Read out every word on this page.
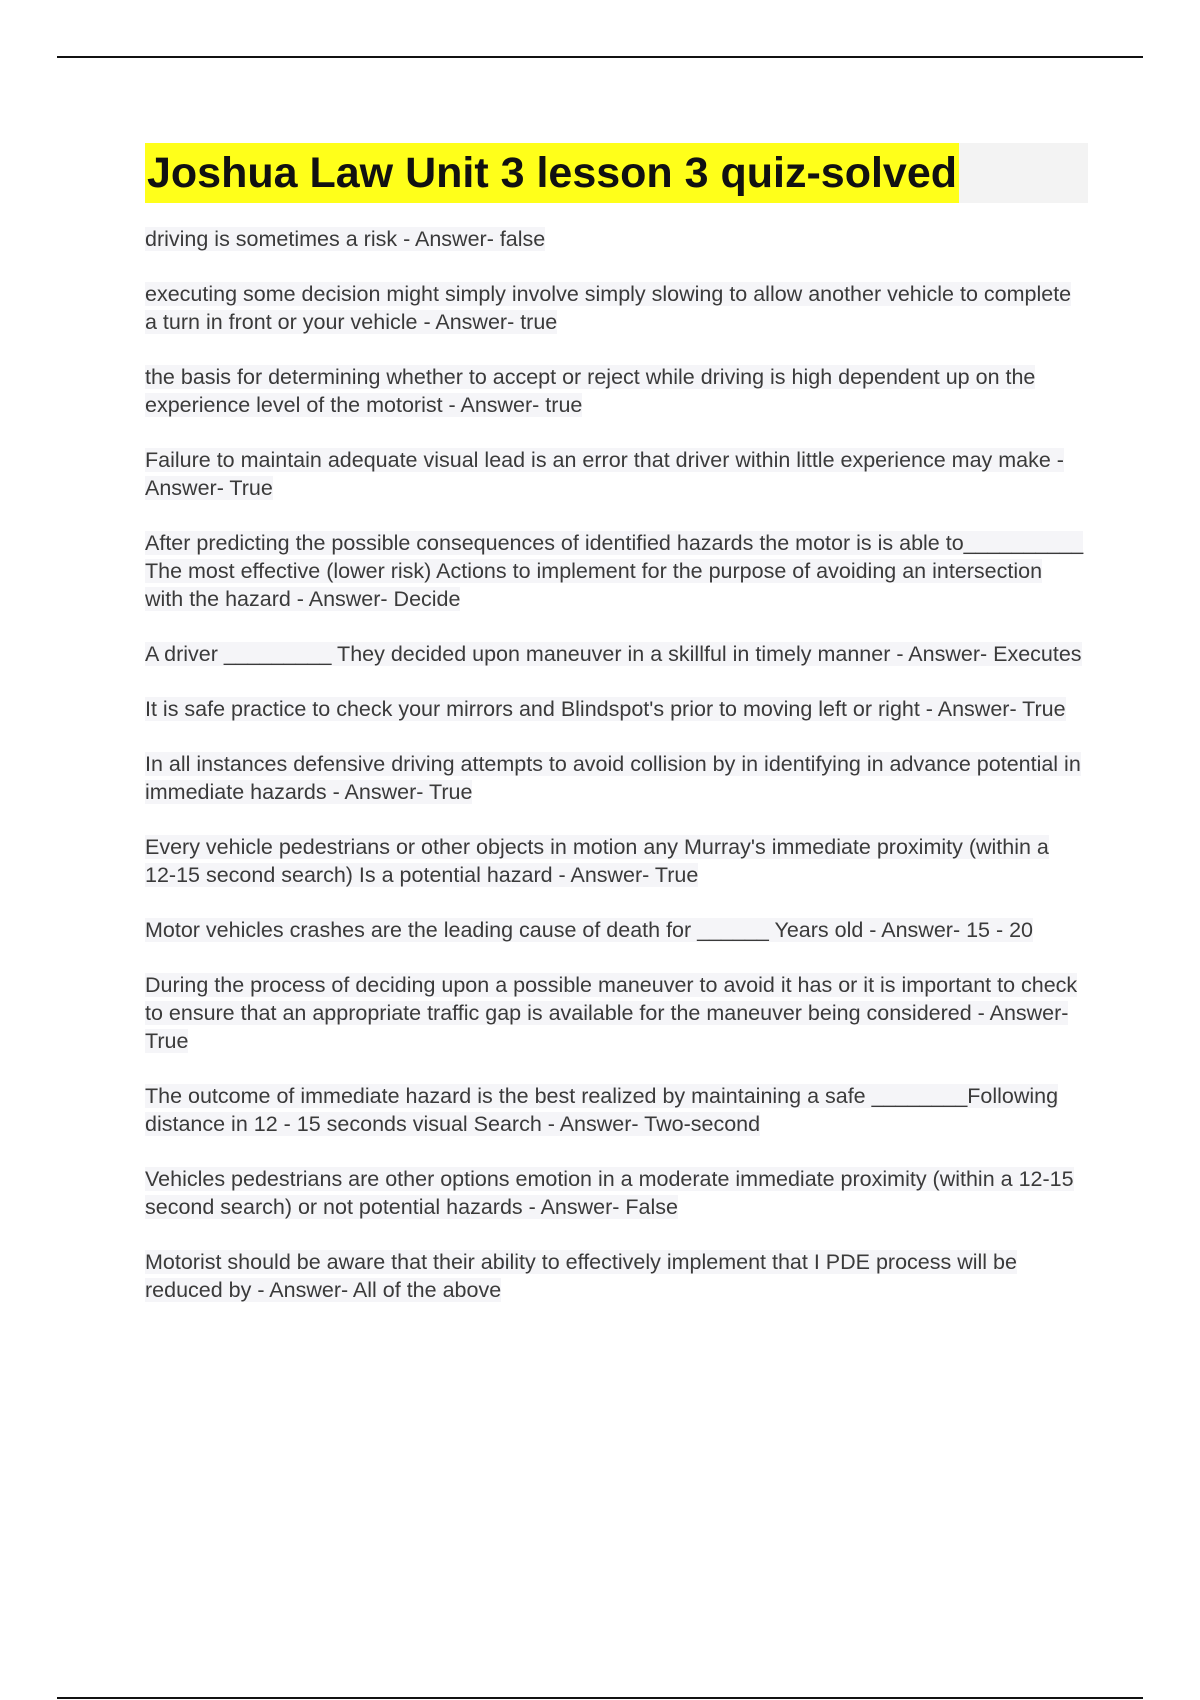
Joshua Law Unit 3 lesson 3 quiz-solved
driving is sometimes a risk - Answer- false
executing some decision might simply involve simply slowing to allow another vehicle to complete a turn in front or your vehicle - Answer- true
the basis for determining whether to accept or reject while driving is high dependent up on the experience level of the motorist - Answer- true
Failure to maintain adequate visual lead is an error that driver within little experience may make - Answer- True
After predicting the possible consequences of identified hazards the motor is is able to__________ The most effective (lower risk) Actions to implement for the purpose of avoiding an intersection with the hazard - Answer- Decide
A driver _________ They decided upon maneuver in a skillful in timely manner - Answer- Executes
It is safe practice to check your mirrors and Blindspot's prior to moving left or right - Answer- True
In all instances defensive driving attempts to avoid collision by in identifying in advance potential in immediate hazards - Answer- True
Every vehicle pedestrians or other objects in motion any Murray's immediate proximity (within a 12-15 second search) Is a potential hazard - Answer- True
Motor vehicles crashes are the leading cause of death for ______ Years old - Answer- 15 - 20
During the process of deciding upon a possible maneuver to avoid it has or it is important to check to ensure that an appropriate traffic gap is available for the maneuver being considered - Answer- True
The outcome of immediate hazard is the best realized by maintaining a safe ________Following distance in 12 - 15 seconds visual Search - Answer- Two-second
Vehicles pedestrians are other options emotion in a moderate immediate proximity (within a 12-15 second search) or not potential hazards - Answer- False
Motorist should be aware that their ability to effectively implement that I PDE process will be reduced by - Answer- All of the above
